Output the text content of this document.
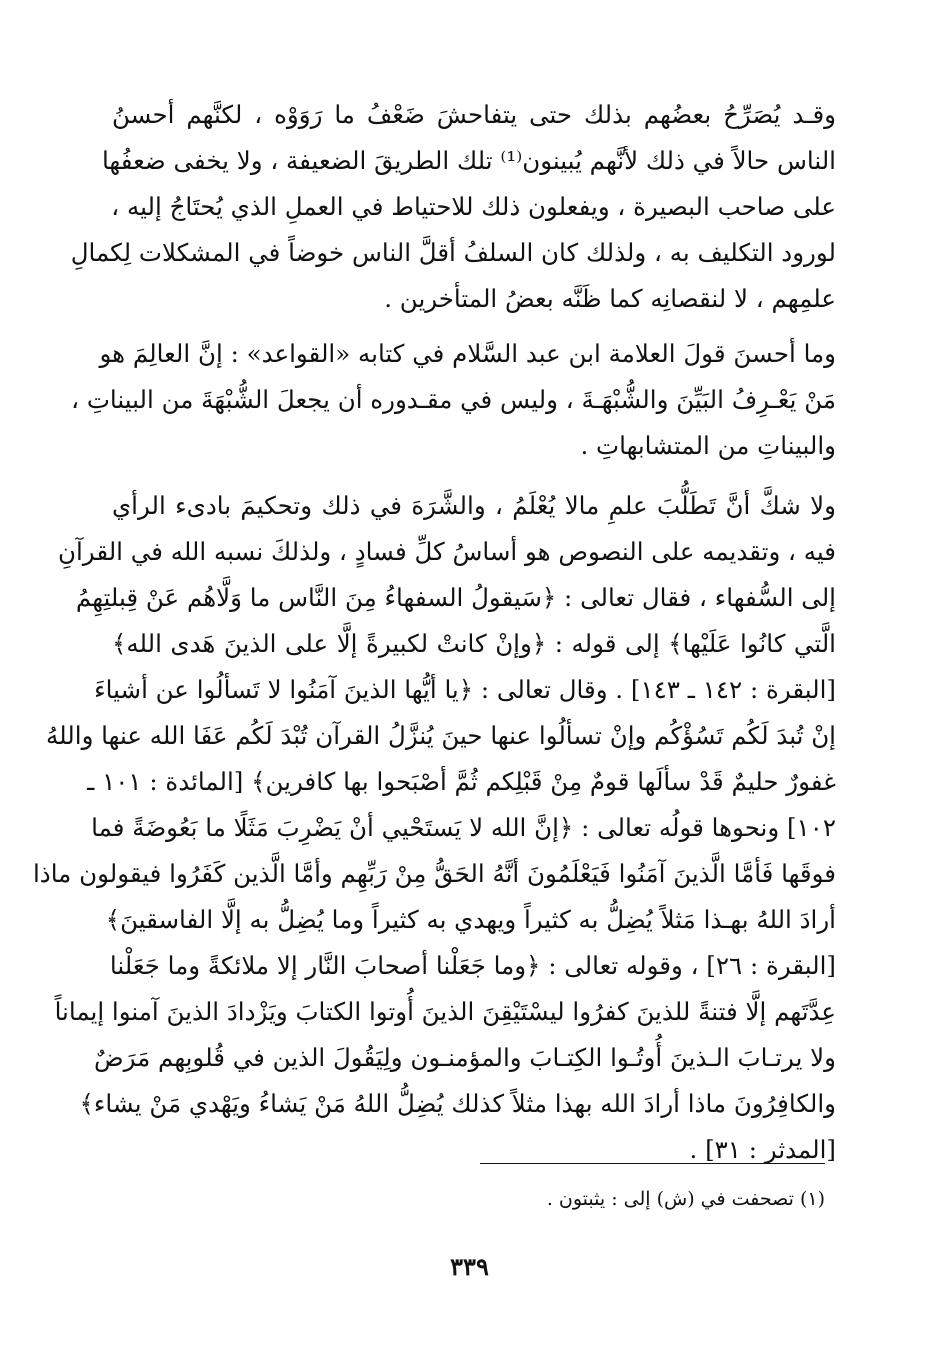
وقـد يُصَرِّحُ بعضُهم بذلك حتى يتفاحشَ ضَعْفُ ما رَوَوْه ، لكنَّهم أحسنُ
الناس حالاً في ذلك لأنَّهم يُبينون⁽¹⁾ تلك الطريقَ الضعيفة ، ولا يخفى ضعفُها
على صاحب البصيرة ، ويفعلون ذلك للاحتياط في العملِ الذي يُحتَاجُ إليه ،
لورود التكليف به ، ولذلك كان السلفُ أقلَّ الناس خوضاً في المشكلات لِكمالِ
علمِهم ، لا لنقصانِه كما ظَنَّه بعضُ المتأخرين .
وما أحسنَ قولَ العلامة ابن عبد السَّلام في كتابه «القواعد» : إنَّ العالِمَ هو
مَنْ يَعْـرِفُ البَيِّنَ والشُّبْهَـةَ ، وليس في مقـدوره أن يجعلَ الشُّبْهَةَ من البيناتِ ،
والبيناتِ من المتشابهاتِ .
ولا شكَّ أنَّ تَطَلُّبَ علمِ مالا يُعْلَمُ ، والشَّرَهَ في ذلك وتحكيمَ بادىء الرأي
فيه ، وتقديمه على النصوص هو أساسُ كلِّ فسادٍ ، ولذلكَ نسبه الله في القرآنِ
إلى السُّفهاء ، فقال تعالى : ﴿سَيقولُ السفهاءُ مِنَ النَّاس ما وَلَّاهُم عَنْ قِبلتِهِمُ
الَّتي كانُوا عَلَيْها﴾ إلى قوله : ﴿وإنْ كانتْ لكبيرةً إلَّا على الذينَ هَدى الله﴾
[البقرة : ١٤٢ ـ ١٤٣] . وقال تعالى : ﴿يا أيُّها الذينَ آمَنُوا لا تَسألُوا عن أشياءَ
إنْ تُبدَ لَكُم تَسُؤْكُم وإنْ تسألُوا عنها حينَ يُنزَّلُ القرآن تُبْدَ لَكُم عَفَا الله عنها واللهُ
غفورٌ حليمٌ قَدْ سألَها قومٌ مِنْ قَبْلِكم ثُمَّ أصْبَحوا بها كافرين﴾ [المائدة : ١٠١ ـ
١٠٢] ونحوها قولُه تعالى : ﴿إنَّ الله لا يَستَحْيي أنْ يَضْرِبَ مَثَلًا ما بَعُوضَةً فما
فوقَها فَأمَّا الَّذينَ آمَنُوا فَيَعْلَمُونَ أنَّهُ الحَقُّ مِنْ رَبِّهِم وأمَّا الَّذين كَفَرُوا فيقولون ماذا
أرادَ اللهُ بهـذا مَثلاً يُضِلُّ به كثيراً ويهدي به كثيراً وما يُضِلُّ به إلَّا الفاسقينَ﴾
[البقرة : ٢٦] ، وقوله تعالى : ﴿وما جَعَلْنا أصحابَ النَّار إلا ملائكةً وما جَعَلْنا
عِدَّتَهم إلَّا فتنةً للذينَ كفرُوا ليسْتَيْقِنَ الذينَ أُوتوا الكتابَ ويَزْدادَ الذينَ آمنوا إيماناً
ولا يرتـابَ الـذينَ أُوتُـوا الكِتـابَ والمؤمنـون ولِيَقُولَ الذين في قُلوبِهم مَرَضٌ
والكافِرُونَ ماذا أرادَ الله بهذا مثلاً كذلك يُضِلُّ اللهُ مَنْ يَشاءُ ويَهْدي مَنْ يشاء﴾
[المدثر : ٣١] .
(١) تصحفت في (ش) إلى : يثبتون .
٣٣٩
